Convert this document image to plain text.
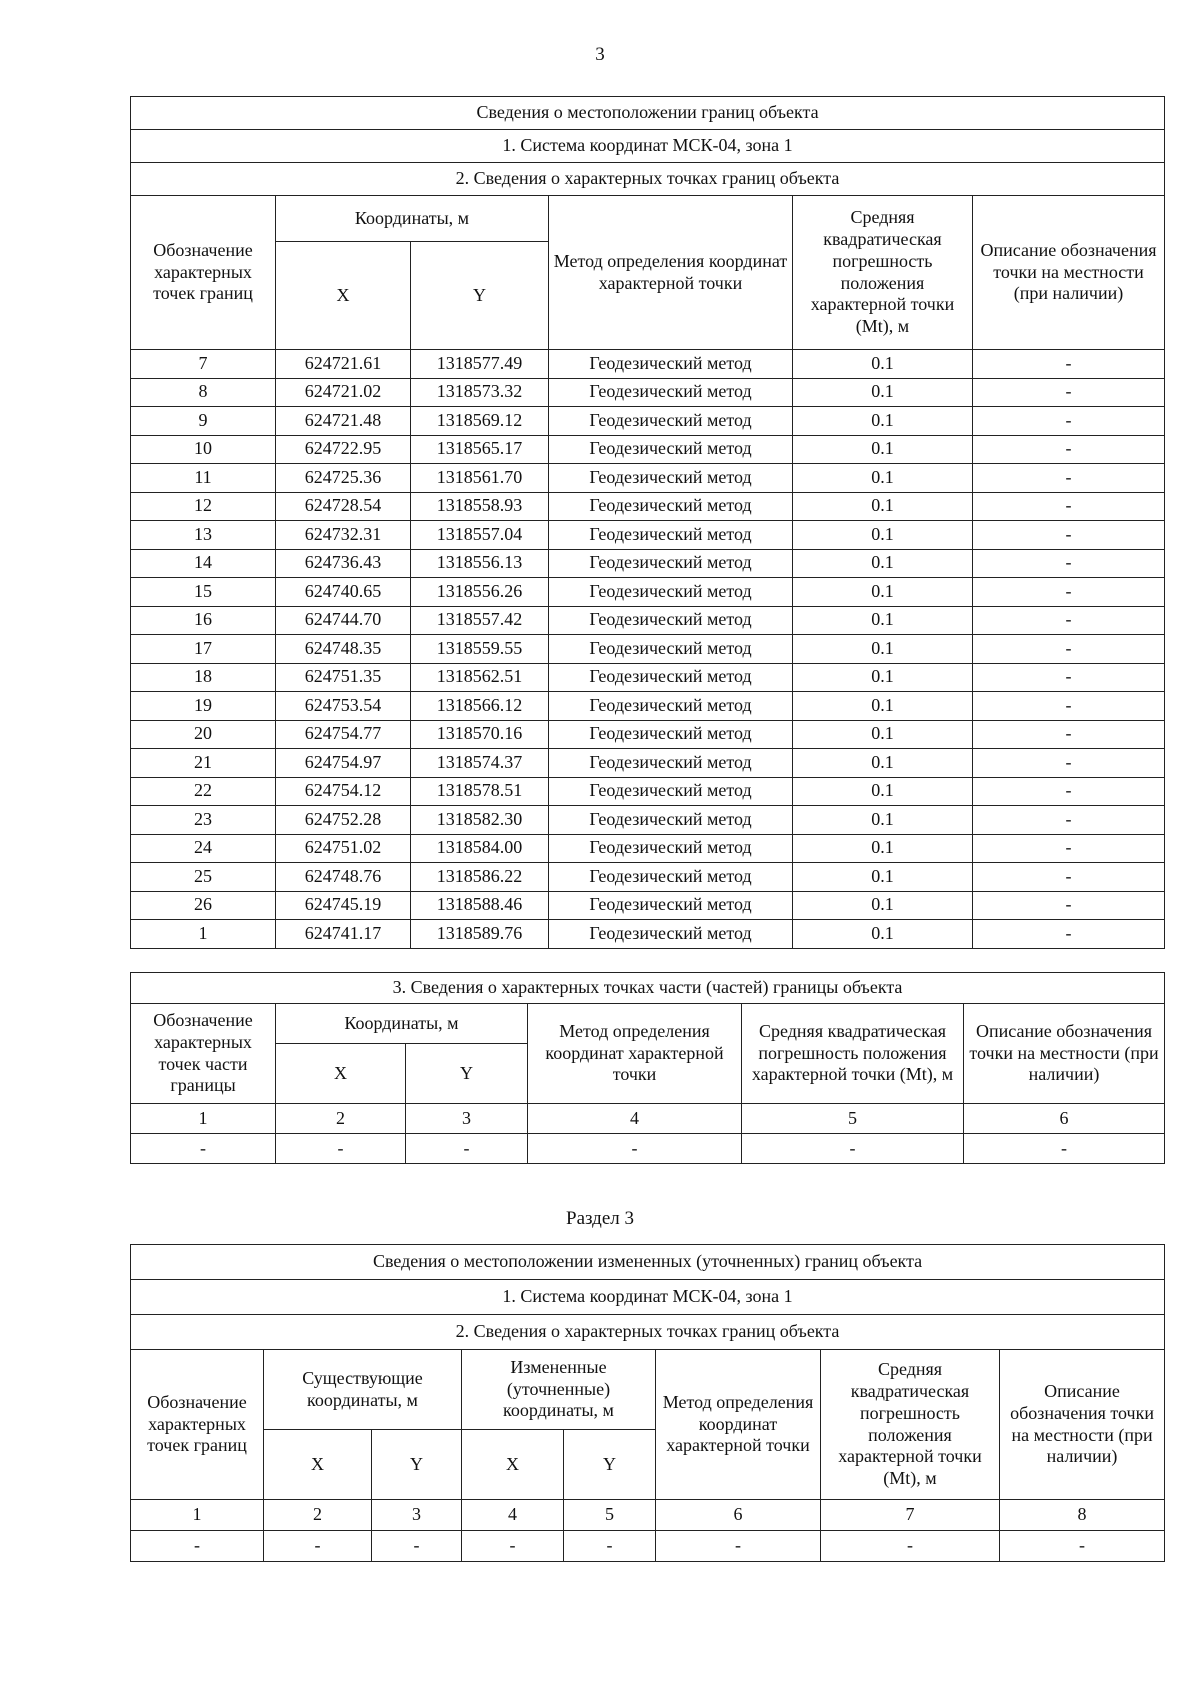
3
Сведения о местоположении границ объекта					
1. Система координат МСК-04, зона 1					
2. Сведения о характерных точках границ объекта					
Обозначение характерных точек границ	Координаты, м		Метод определения координат характерной точки	Средняя квадратическая погрешность положения характерной точки (Mt), м	Описание обозначения точки на местности (при наличии)
	X	Y			
7	624721.61	1318577.49	Геодезический метод	0.1	-
8	624721.02	1318573.32	Геодезический метод	0.1	-
9	624721.48	1318569.12	Геодезический метод	0.1	-
10	624722.95	1318565.17	Геодезический метод	0.1	-
11	624725.36	1318561.70	Геодезический метод	0.1	-
12	624728.54	1318558.93	Геодезический метод	0.1	-
13	624732.31	1318557.04	Геодезический метод	0.1	-
14	624736.43	1318556.13	Геодезический метод	0.1	-
15	624740.65	1318556.26	Геодезический метод	0.1	-
16	624744.70	1318557.42	Геодезический метод	0.1	-
17	624748.35	1318559.55	Геодезический метод	0.1	-
18	624751.35	1318562.51	Геодезический метод	0.1	-
19	624753.54	1318566.12	Геодезический метод	0.1	-
20	624754.77	1318570.16	Геодезический метод	0.1	-
21	624754.97	1318574.37	Геодезический метод	0.1	-
22	624754.12	1318578.51	Геодезический метод	0.1	-
23	624752.28	1318582.30	Геодезический метод	0.1	-
24	624751.02	1318584.00	Геодезический метод	0.1	-
25	624748.76	1318586.22	Геодезический метод	0.1	-
26	624745.19	1318588.46	Геодезический метод	0.1	-
1	624741.17	1318589.76	Геодезический метод	0.1	-
3. Сведения о характерных точках части (частей) границы объекта					
Обозначение характерных точек части границы	Координаты, м		Метод определения координат характерной точки	Средняя квадратическая погрешность положения характерной точки (Mt), м	Описание обозначения точки на местности (при наличии)
	X	Y			
1	2	3	4	5	6
-	-	-	-	-	-
Раздел 3
Сведения о местоположении измененных (уточненных) границ объекта							
1. Система координат МСК-04, зона 1							
2. Сведения о характерных точках границ объекта							
Обозначение характерных точек границ	Существующие координаты, м		Измененные (уточненные) координаты, м		Метод определения координат характерной точки	Средняя квадратическая погрешность положения характерной точки (Mt), м	Описание обозначения точки на местности (при наличии)
	X	Y	X	Y			
1	2	3	4	5	6	7	8
-	-	-	-	-	-	-	-
